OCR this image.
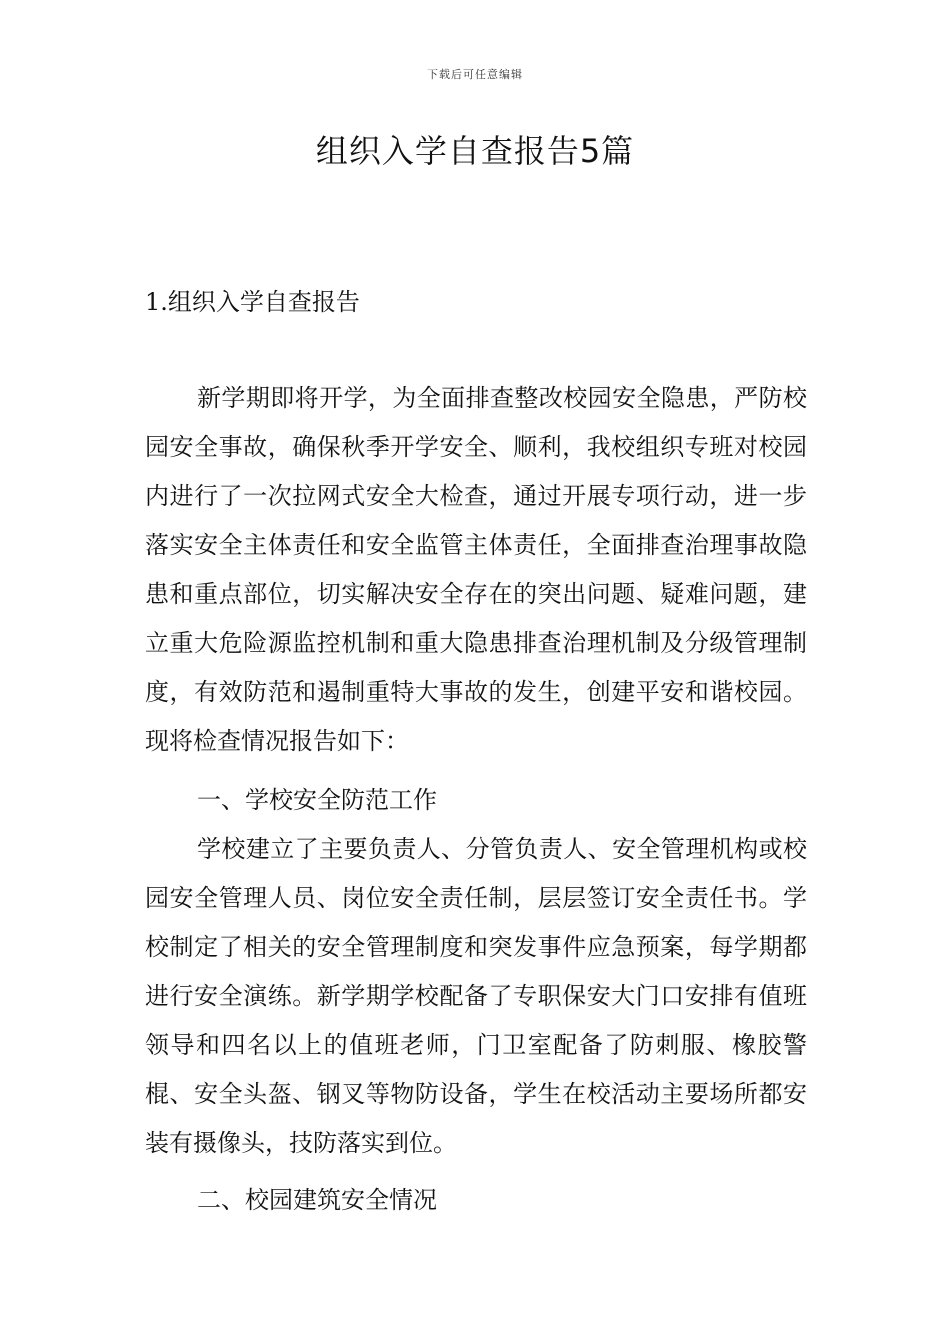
下载后可任意编辑
组织入学自查报告5篇
1.组织入学自查报告

新学期即将开学，为全面排查整改校园安全隐患，严防校园安全事故，确保秋季开学安全、顺利，我校组织专班对校园内进行了一次拉网式安全大检查，通过开展专项行动，进一步落实安全主体责任和安全监管主体责任，全面排查治理事故隐患和重点部位，切实解决安全存在的突出问题、疑难问题，建立重大危险源监控机制和重大隐患排查治理机制及分级管理制度，有效防范和遏制重特大事故的发生，创建平安和谐校园。现将检查情况报告如下：

一、学校安全防范工作

学校建立了主要负责人、分管负责人、安全管理机构或校园安全管理人员、岗位安全责任制，层层签订安全责任书。学校制定了相关的安全管理制度和突发事件应急预案，每学期都进行安全演练。新学期学校配备了专职保安大门口安排有值班领导和四名以上的值班老师，门卫室配备了防刺服、橡胶警 棍、安全头盔、钢叉等物防设备，学生在校活动主要场所都安装有摄像头，技防落实到位。

二、校园建筑安全情况
